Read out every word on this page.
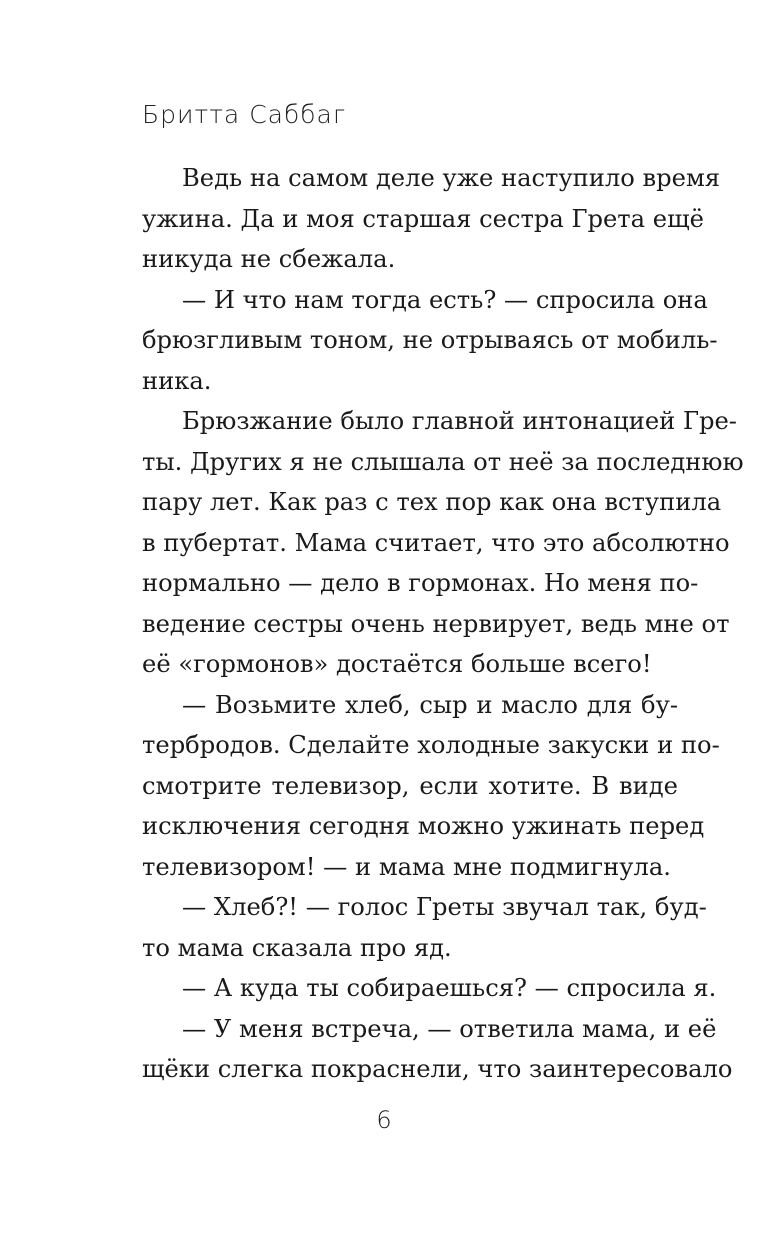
Бритта Саббаг
Ведь на самом деле уже наступило время
ужина. Да и моя старшая сестра Грета ещё
никуда не сбежала.
— И что нам тогда есть? — спросила она
брюзгливым тоном, не отрываясь от мобиль-
ника.
Брюзжание было главной интонацией Гре-
ты. Других я не слышала от неё за последнюю
пару лет. Как раз с тех пор как она вступила
в пубертат. Мама считает, что это абсолютно
нормально — дело в гормонах. Но меня по-
ведение сестры очень нервирует, ведь мне от
её «гормонов» достаётся больше всего!
— Возьмите хлеб, сыр и масло для бу-
тербродов. Сделайте холодные закуски и по-
смотрите телевизор, если хотите. В виде
исключения сегодня можно ужинать перед
телевизором! — и мама мне подмигнула.
— Хлеб?! — голос Греты звучал так, буд-
то мама сказала про яд.
— А куда ты собираешься? — спросила я.
— У меня встреча, — ответила мама, и её
щёки слегка покраснели, что заинтересовало
6
